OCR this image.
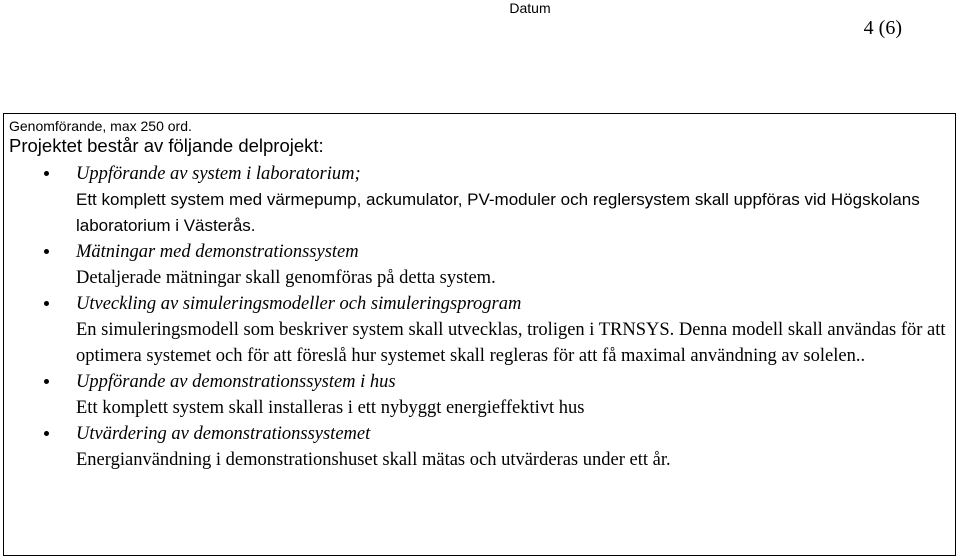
Datum
4 (6)
Genomförande, max 250 ord.
Projektet består av följande delprojekt:
Uppförande av system i laboratorium;
Ett komplett system med värmepump, ackumulator, PV-moduler och reglersystem skall uppföras vid Högskolans laboratorium i Västerås.
Mätningar med demonstrationssystem
Detaljerade mätningar skall genomföras på detta system.
Utveckling av simuleringsmodeller och simuleringsprogram
En simuleringsmodell som beskriver system skall utvecklas, troligen i TRNSYS. Denna modell skall användas för att optimera systemet och för att föreslå hur systemet skall regleras för att få maximal användning av solelen..
Uppförande av demonstrationssystem i hus
Ett komplett system skall installeras i ett nybyggt energieffektivt hus
Utvärdering av demonstrationssystemet
Energianvändning i demonstrationshuset skall mätas och utvärderas under ett år.
